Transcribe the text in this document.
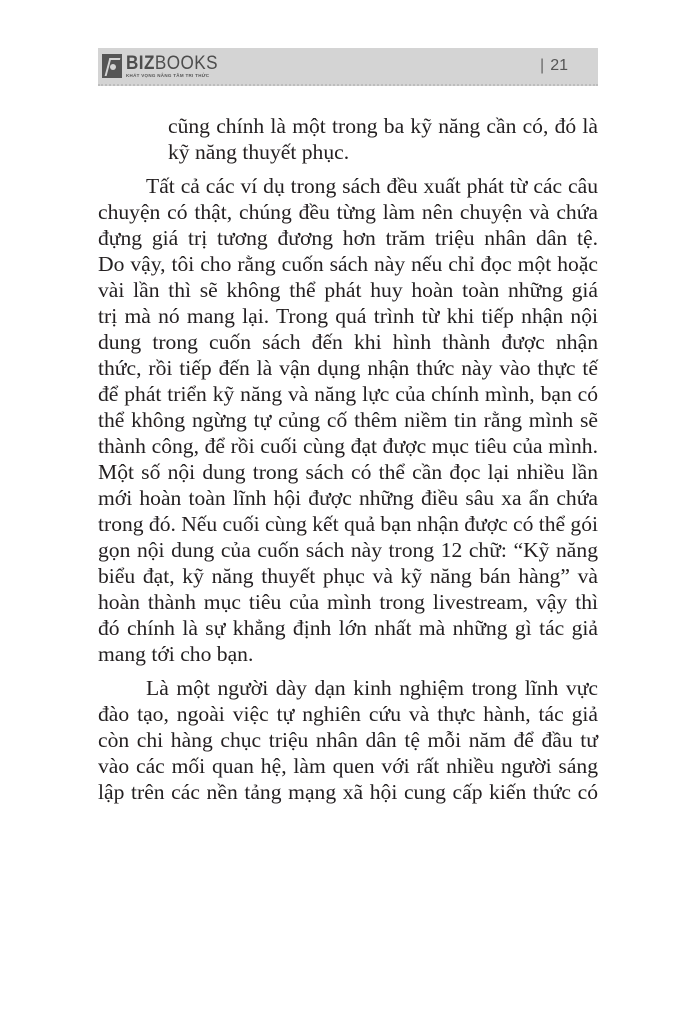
BIZBOOKS
KHÁT VỌNG NÂNG TẦM TRI THỨC
| 21
cũng chính là một trong ba kỹ năng cần có, đó là
kỹ năng thuyết phục.
Tất cả các ví dụ trong sách đều xuất phát từ các câu
chuyện có thật, chúng đều từng làm nên chuyện và chứa
đựng giá trị tương đương hơn trăm triệu nhân dân tệ.
Do vậy, tôi cho rằng cuốn sách này nếu chỉ đọc một hoặc
vài lần thì sẽ không thể phát huy hoàn toàn những giá
trị mà nó mang lại. Trong quá trình từ khi tiếp nhận nội
dung trong cuốn sách đến khi hình thành được nhận
thức, rồi tiếp đến là vận dụng nhận thức này vào thực tế
để phát triển kỹ năng và năng lực của chính mình, bạn có
thể không ngừng tự củng cố thêm niềm tin rằng mình sẽ
thành công, để rồi cuối cùng đạt được mục tiêu của mình.
Một số nội dung trong sách có thể cần đọc lại nhiều lần
mới hoàn toàn lĩnh hội được những điều sâu xa ẩn chứa
trong đó. Nếu cuối cùng kết quả bạn nhận được có thể gói
gọn nội dung của cuốn sách này trong 12 chữ: “Kỹ năng
biểu đạt, kỹ năng thuyết phục và kỹ năng bán hàng” và
hoàn thành mục tiêu của mình trong livestream, vậy thì
đó chính là sự khẳng định lớn nhất mà những gì tác giả
mang tới cho bạn.
Là một người dày dạn kinh nghiệm trong lĩnh vực
đào tạo, ngoài việc tự nghiên cứu và thực hành, tác giả
còn chi hàng chục triệu nhân dân tệ mỗi năm để đầu tư
vào các mối quan hệ, làm quen với rất nhiều người sáng
lập trên các nền tảng mạng xã hội cung cấp kiến thức có
